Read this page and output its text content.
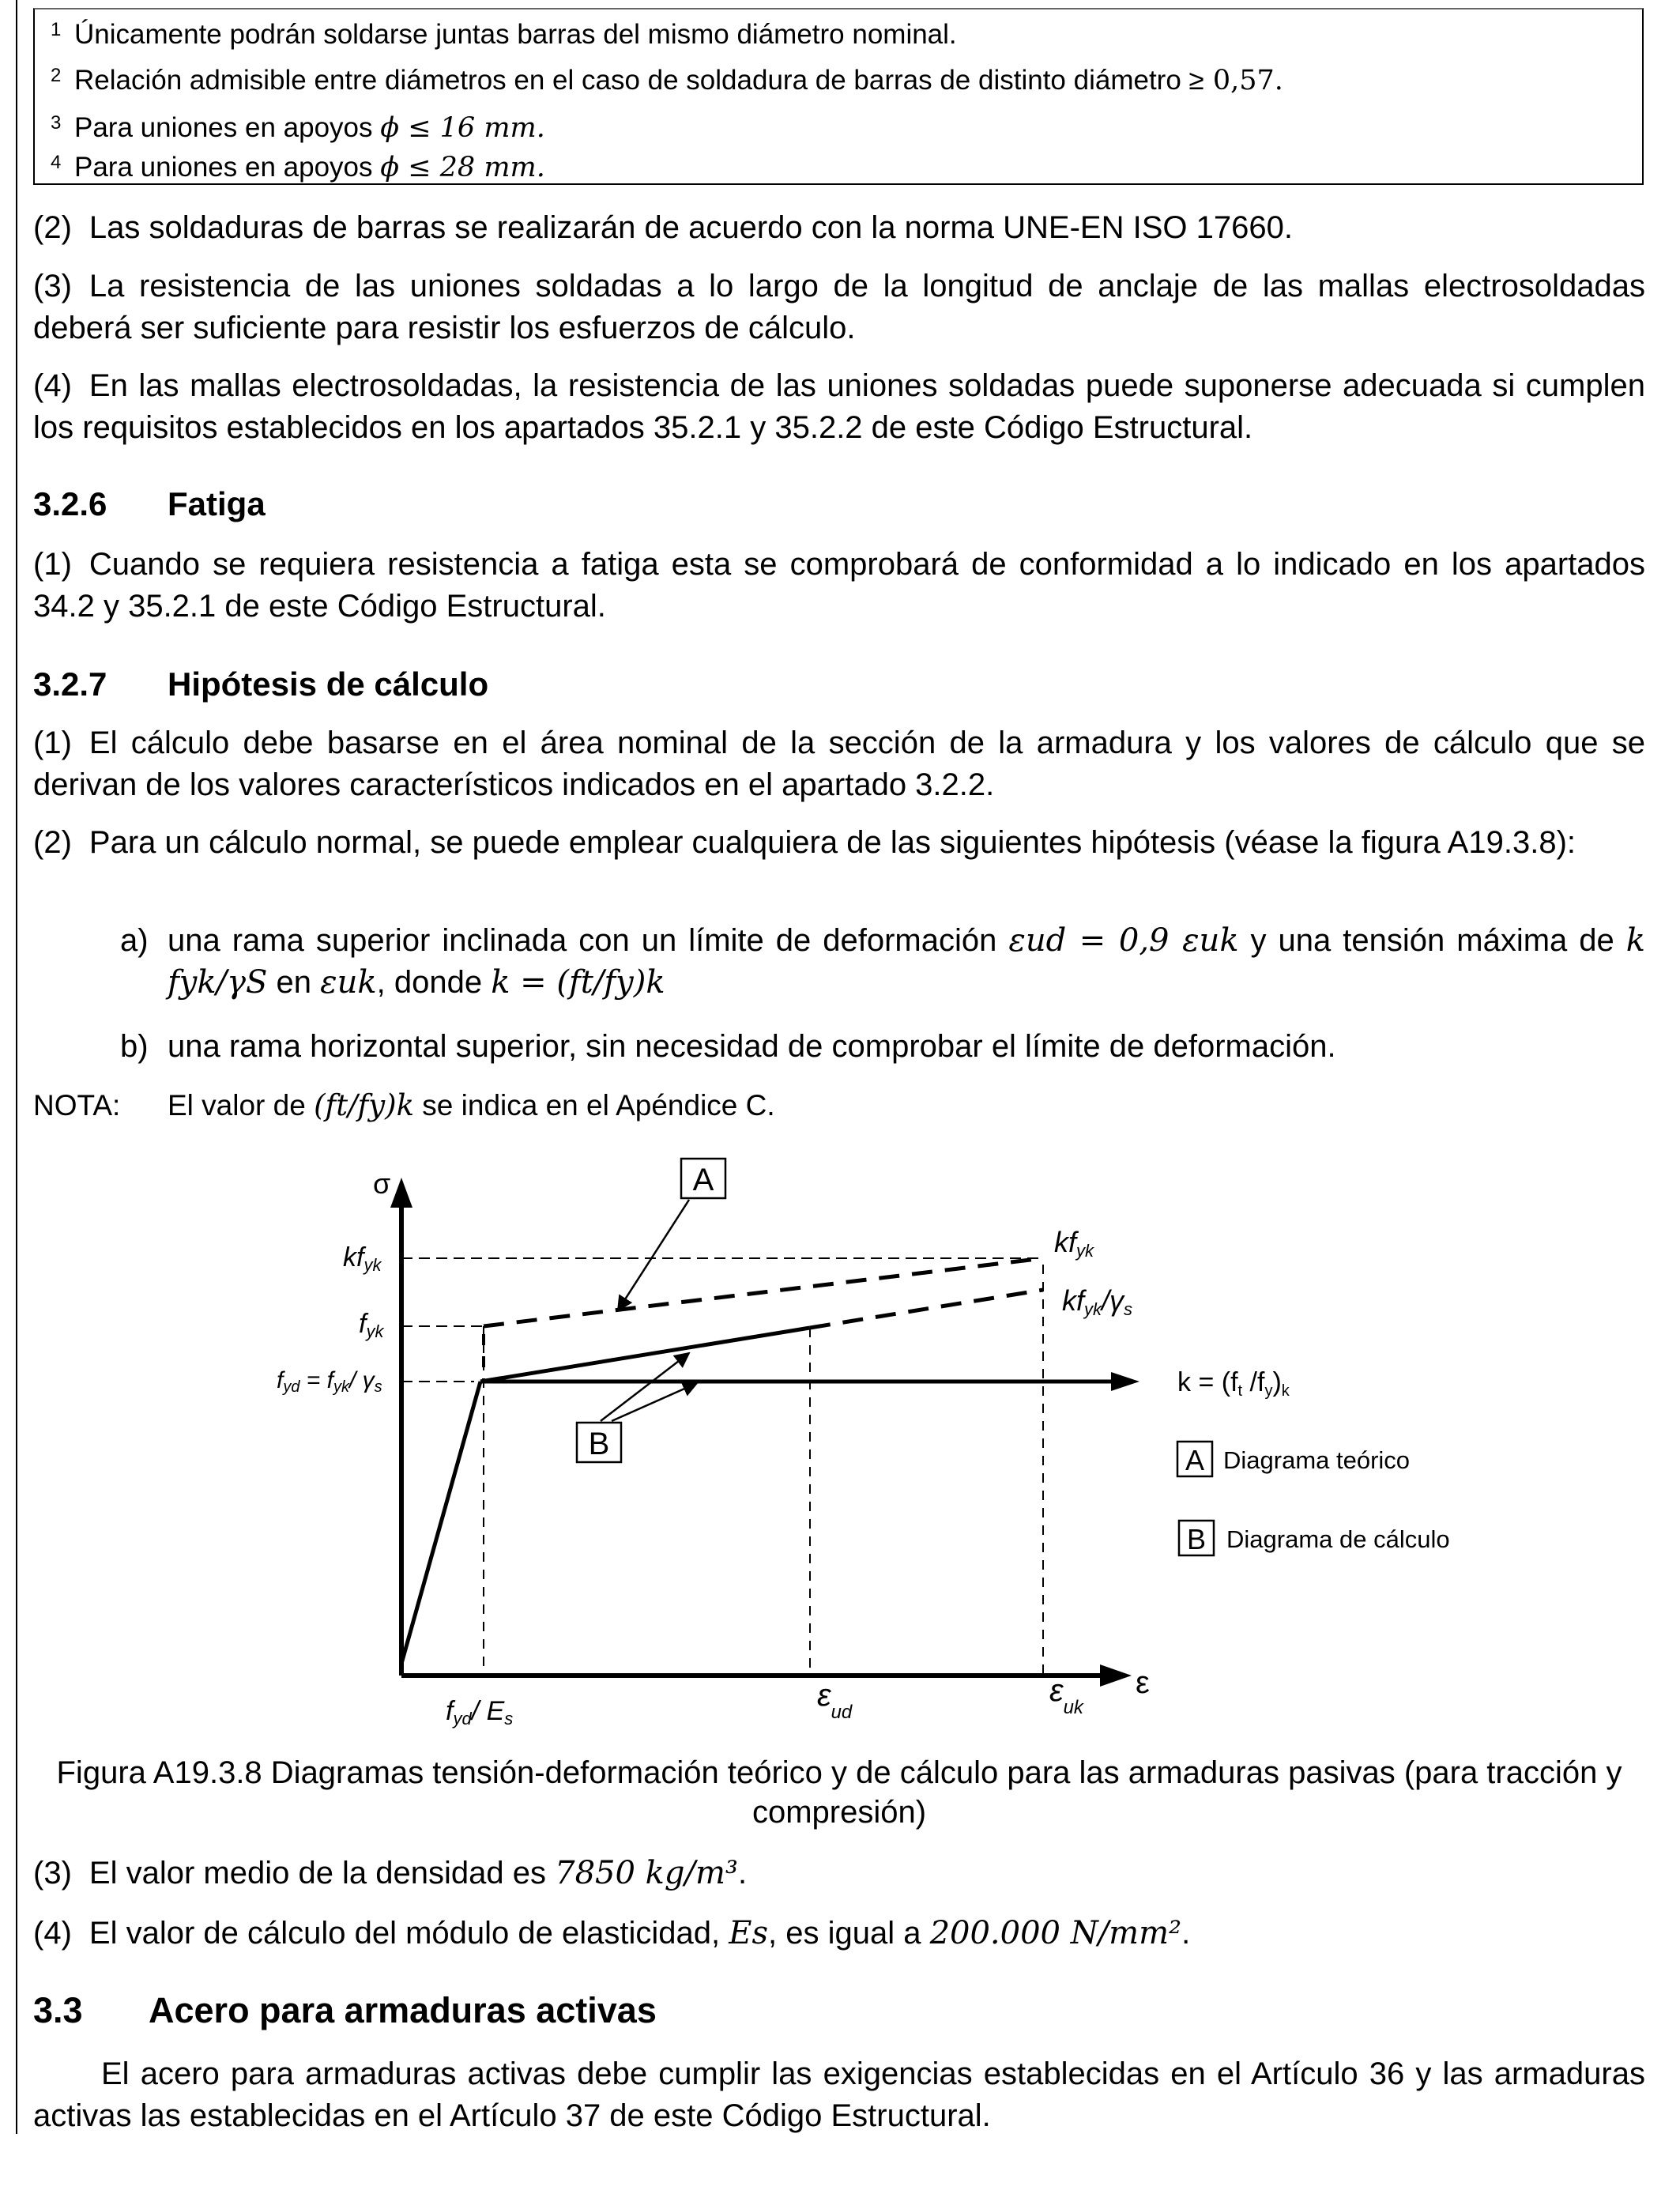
1 Únicamente podrán soldarse juntas barras del mismo diámetro nominal.
2 Relación admisible entre diámetros en el caso de soldadura de barras de distinto diámetro ≥ 0,57.
3 Para uniones en apoyos ϕ ≤ 16 mm.
4 Para uniones en apoyos ϕ ≤ 28 mm.
(2) Las soldaduras de barras se realizarán de acuerdo con la norma UNE-EN ISO 17660.
(3) La resistencia de las uniones soldadas a lo largo de la longitud de anclaje de las mallas electrosoldadas deberá ser suficiente para resistir los esfuerzos de cálculo.
(4) En las mallas electrosoldadas, la resistencia de las uniones soldadas puede suponerse adecuada si cumplen los requisitos establecidos en los apartados 35.2.1 y 35.2.2 de este Código Estructural.
3.2.6 Fatiga
(1) Cuando se requiera resistencia a fatiga esta se comprobará de conformidad a lo indicado en los apartados 34.2 y 35.2.1 de este Código Estructural.
3.2.7 Hipótesis de cálculo
(1) El cálculo debe basarse en el área nominal de la sección de la armadura y los valores de cálculo que se derivan de los valores característicos indicados en el apartado 3.2.2.
(2) Para un cálculo normal, se puede emplear cualquiera de las siguientes hipótesis (véase la figura A19.3.8):
a) una rama superior inclinada con un límite de deformación εud = 0,9 εuk y una tensión máxima de k fyk/γS en εuk, donde k = (ft/fy)k
b) una rama horizontal superior, sin necesidad de comprobar el límite de deformación.
NOTA: El valor de (ft/fy)k se indica en el Apéndice C.
A
B
σ
ε
kfyk
fyk
fyd = fyk/ γs
kfyk
kfyk/γs
k = (ft /fy)k
A Diagrama teórico
B Diagrama de cálculo
fyd/ Es
$\varepsilon_{ud}$
$\varepsilon_{uk}$
Figura A19.3.8 Diagramas tensión-deformación teórico y de cálculo para las armaduras pasivas (para tracción y compresión)
(3) El valor medio de la densidad es 7850 kg/m³.
(4) El valor de cálculo del módulo de elasticidad, Es, es igual a 200.000 N/mm².
3.3 Acero para armaduras activas
El acero para armaduras activas debe cumplir las exigencias establecidas en el Artículo 36 y las armaduras activas las establecidas en el Artículo 37 de este Código Estructural.
